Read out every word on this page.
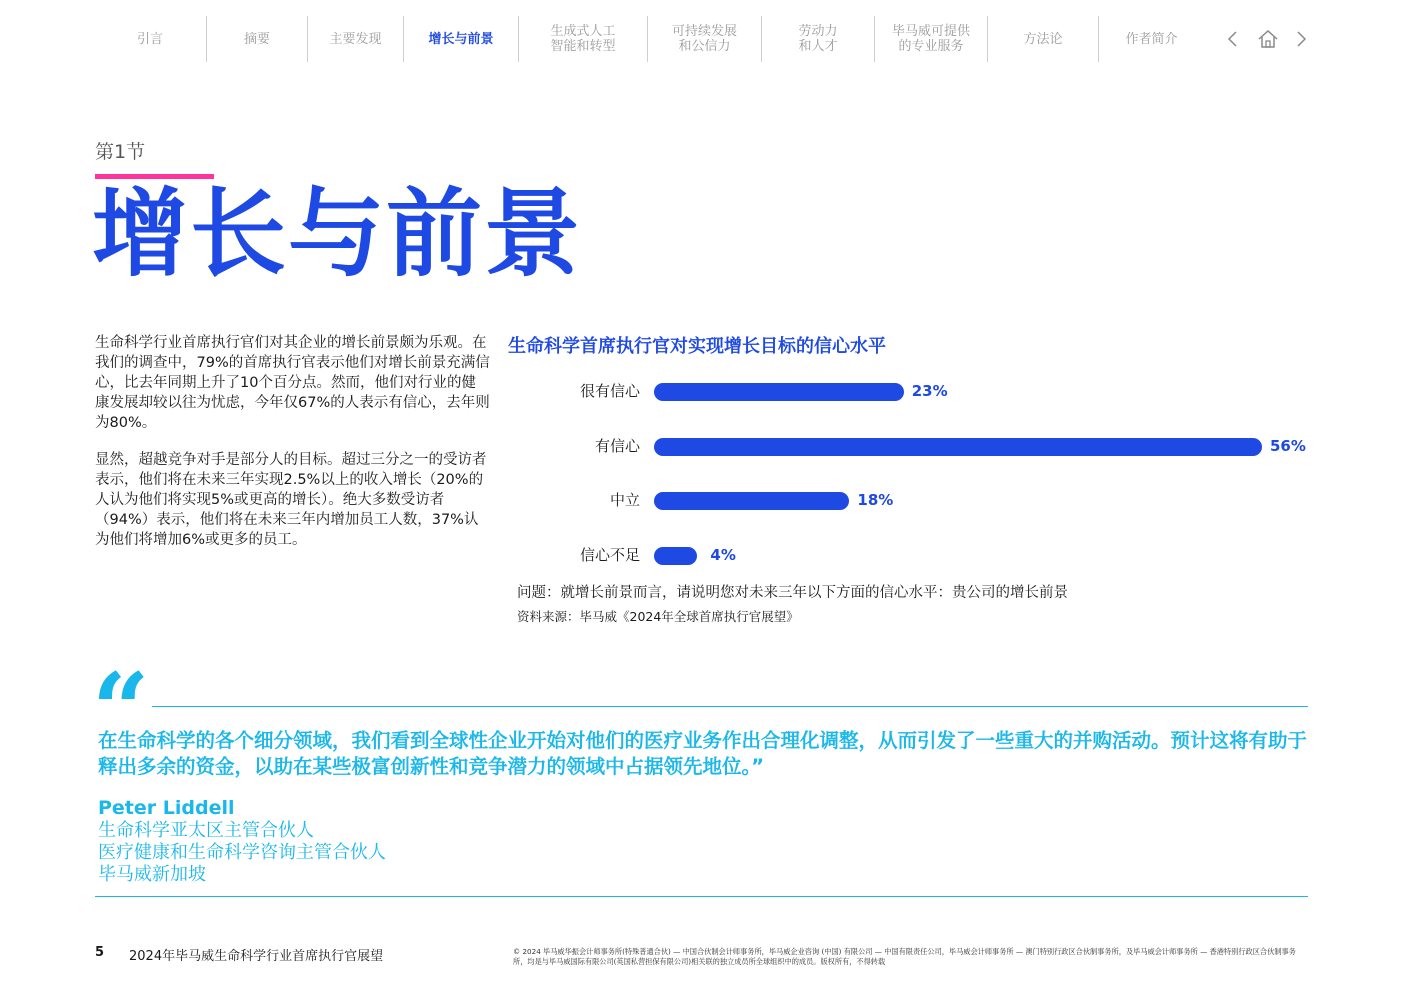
引言	摘要	主要发现	增长与前景	生成式人工
智能和转型
可持续发展
和公信力
劳动力
和人才
毕马威可提供
的专业服务	方法论	作者简介
第1节
增长与前景

生命科学行业首席执行官们对其企业的增长前景颇为乐观。在我们的调查中，79%的首席执行官表示他们对增长前景充满信心，比去年同期上升了10个百分点。然而，他们对行业的健康发展却较以往为忧虑，今年仅67%的人表示有信心，去年则为80%。

显然，超越竞争对手是部分人的目标。超过三分之一的受访者表示，他们将在未来三年实现2.5%以上的收入增长（20%的人认为他们将实现5%或更高的增长）。绝大多数受访者（94%）表示，他们将在未来三年内增加员工人数，37%认为他们将增加6%或更多的员工。

生命科学首席执行官对实现增长目标的信心水平
很有信心	23%
有信心	56%
中立	18%
信心不足	4%
问题：就增长前景而言，请说明您对未来三年以下方面的信心水平：贵公司的增长前景
资料来源：毕马威《2024年全球首席执行官展望》
“
在生命科学的各个细分领域，我们看到全球性企业开始对他们的医疗业务作出合理化调整，从而引发了一些重大的并购活动。预计这将有助于释出多余的资金，以助在某些极富创新性和竞争潜力的领域中占据领先地位。”
Peter Liddell
生命科学亚太区主管合伙人
医疗健康和生命科学咨询主管合伙人
毕马威新加坡
5 2024年毕马威生命科学行业首席执行官展望	© 2024 毕马威华振会计师事务所(特殊普通合伙) — 中国合伙制会计师事务所，毕马威企业咨询 (中国) 有限公司 — 中国有限责任公司，毕马威会计师事务所 — 澳门特别行政区合伙制事务所，及毕马威会计师事务所 — 香港特别行政区合伙制事务所，均是与毕马威国际有限公司(英国私营担保有限公司)相关联的独立成员所全球组织中的成员。版权所有，不得转载
